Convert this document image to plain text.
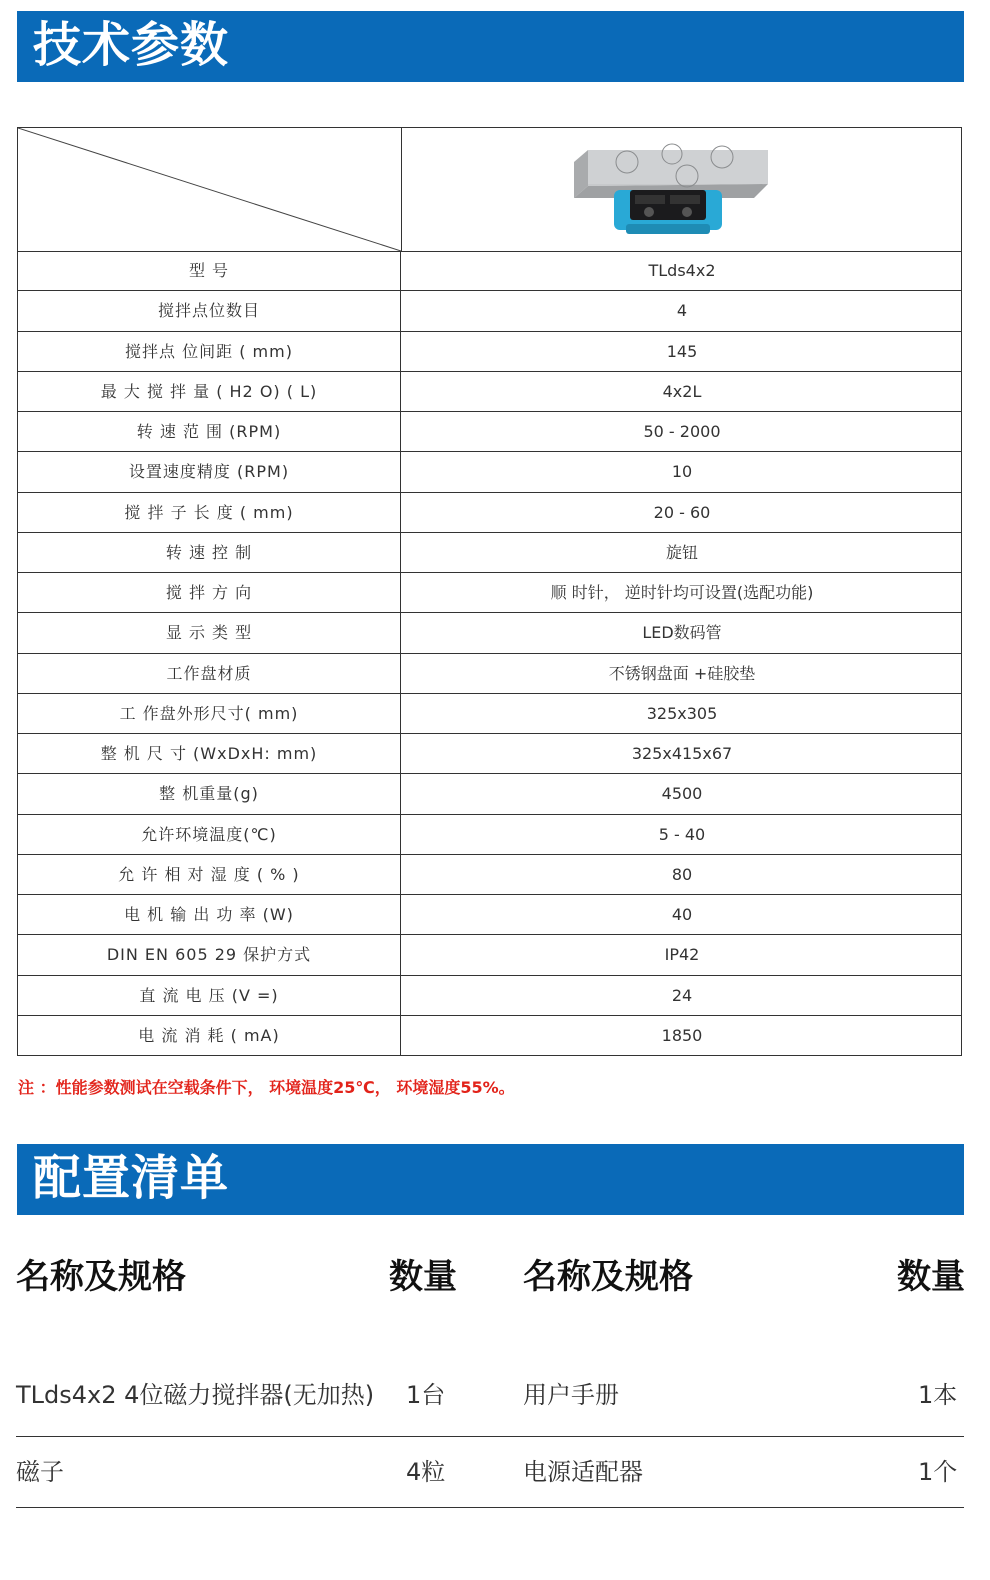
技术参数
型 号	TLds4x2
搅拌点位数目	4
搅拌点 位间距 ( mm)	145
最 大 搅 拌 量 ( H2 O) ( L)	4x2L
转 速 范 围 (RPM)	50 - 2000
设置速度精度 (RPM)	10
搅 拌 子 长 度 ( mm)	20 - 60
转 速 控 制	旋钮
搅 拌 方 向	顺 时针， 逆时针均可设置(选配功能)
显 示 类 型	LED数码管
工作盘材质	不锈钢盘面 +硅胶垫
工 作盘外形尺寸( mm)	325x305
整 机 尺 寸 (WxDxH: mm)	325x415x67
整 机重量(g)	4500
允许环境温度(℃)	5 - 40
允 许 相 对 湿 度 ( % )	80
电 机 输 出 功 率 (W)	40
DIN EN 605 29 保护方式	IP42
直 流 电 压 (V =)	24
电 流 消 耗 ( mA)	1850
注 ：性能参数测试在空载条件下， 环境温度25℃， 环境湿度55%。
配置清单
名称及规格	数量 名称及规格	数量
TLds4x2 4位磁力搅拌器(无加热) 1台	用户手册	1本
磁子	4粒	电源适配器	1个
